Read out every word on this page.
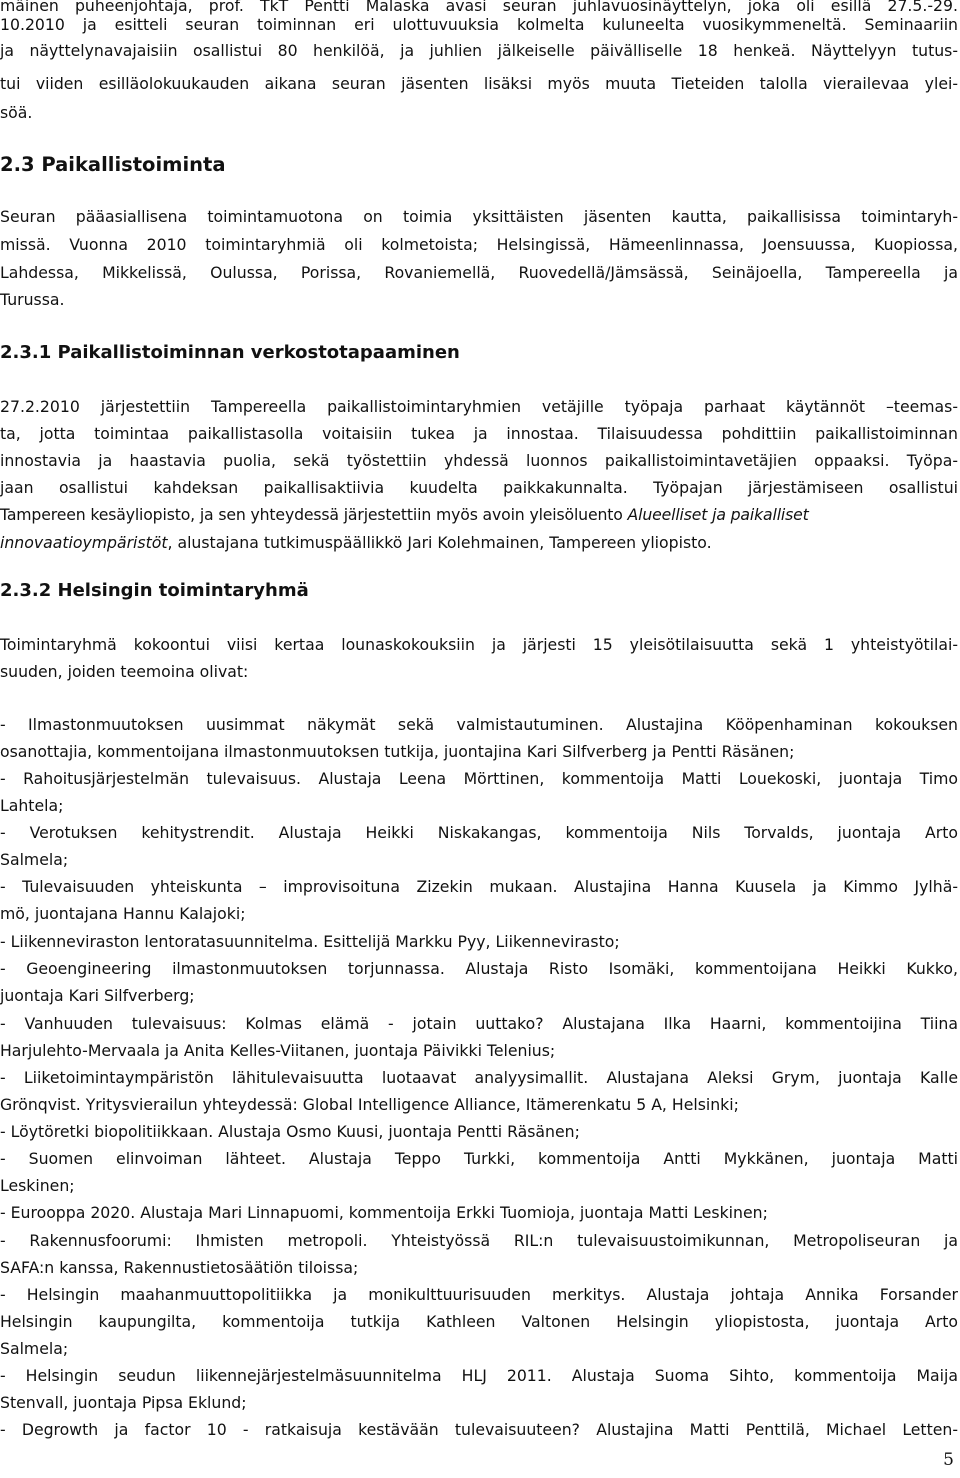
mäinen puheenjohtaja, prof. TkT Pentti Malaska avasi seuran juhlavuosinäyttelyn, joka oli esillä 27.5.-29.
10.2010 ja esitteli seuran toiminnan eri ulottuvuuksia kolmelta kuluneelta vuosikymmeneltä. Seminaariin
ja näyttelynavajaisiin osallistui 80 henkilöä, ja juhlien jälkeiselle päivälliselle 18 henkeä. Näyttelyyn tutus-
tui viiden esilläolokuukauden aikana seuran jäsenten lisäksi myös muuta Tieteiden talolla vierailevaa ylei-
söä.
2.3 Paikallistoiminta
Seuran pääasiallisena toimintamuotona on toimia yksittäisten jäsenten kautta, paikallisissa toimintaryh-
missä. Vuonna 2010 toimintaryhmiä oli kolmetoista; Helsingissä, Hämeenlinnassa, Joensuussa, Kuopiossa,
Lahdessa, Mikkelissä, Oulussa, Porissa, Rovaniemellä, Ruovedellä/Jämsässä, Seinäjoella, Tampereella ja
Turussa.
2.3.1 Paikallistoiminnan verkostotapaaminen
27.2.2010 järjestettiin Tampereella paikallistoimintaryhmien vetäjille työpaja parhaat käytännöt –teemas-
ta, jotta toimintaa paikallistasolla voitaisiin tukea ja innostaa. Tilaisuudessa pohdittiin paikallistoiminnan
innostavia ja haastavia puolia, sekä työstettiin yhdessä luonnos paikallistoimintavetäjien oppaaksi. Työpa-
jaan osallistui kahdeksan paikallisaktiivia kuudelta paikkakunnalta. Työpajan järjestämiseen osallistui
Tampereen kesäyliopisto, ja sen yhteydessä järjestettiin myös avoin yleisöluento Alueelliset ja paikalliset
innovaatioympäristöt, alustajana tutkimuspäällikkö Jari Kolehmainen, Tampereen yliopisto.
2.3.2 Helsingin toimintaryhmä
Toimintaryhmä kokoontui viisi kertaa lounaskokouksiin ja järjesti 15 yleisötilaisuutta sekä 1 yhteistyötilai-
suuden, joiden teemoina olivat:
- Ilmastonmuutoksen uusimmat näkymät sekä valmistautuminen. Alustajina Kööpenhaminan kokouksen
osanottajia, kommentoijana ilmastonmuutoksen tutkija, juontajina Kari Silfverberg ja Pentti Räsänen;
- Rahoitusjärjestelmän tulevaisuus. Alustaja Leena Mörttinen, kommentoija Matti Louekoski, juontaja Timo
Lahtela;
- Verotuksen kehitystrendit. Alustaja Heikki Niskakangas, kommentoija Nils Torvalds, juontaja Arto
Salmela;
- Tulevaisuuden yhteiskunta – improvisoituna Zizekin mukaan. Alustajina Hanna Kuusela ja Kimmo Jylhä-
mö, juontajana Hannu Kalajoki;
- Liikenneviraston lentoratasuunnitelma. Esittelijä Markku Pyy, Liikennevirasto;
- Geoengineering ilmastonmuutoksen torjunnassa. Alustaja Risto Isomäki, kommentoijana Heikki Kukko,
juontaja Kari Silfverberg;
- Vanhuuden tulevaisuus: Kolmas elämä - jotain uuttako? Alustajana Ilka Haarni, kommentoijina Tiina
Harjulehto-Mervaala ja Anita Kelles-Viitanen, juontaja Päivikki Telenius;
- Liiketoimintaympäristön lähitulevaisuutta luotaavat analyysimallit. Alustajana Aleksi Grym, juontaja Kalle
Grönqvist. Yritysvierailun yhteydessä: Global Intelligence Alliance, Itämerenkatu 5 A, Helsinki;
- Löytöretki biopolitiikkaan. Alustaja Osmo Kuusi, juontaja Pentti Räsänen;
- Suomen elinvoiman lähteet. Alustaja Teppo Turkki, kommentoija Antti Mykkänen, juontaja Matti
Leskinen;
- Eurooppa 2020. Alustaja Mari Linnapuomi, kommentoija Erkki Tuomioja, juontaja Matti Leskinen;
- Rakennusfoorumi: Ihmisten metropoli. Yhteistyössä RIL:n tulevaisuustoimikunnan, Metropoliseuran ja
SAFA:n kanssa, Rakennustietosäätiön tiloissa;
- Helsingin maahanmuuttopolitiikka ja monikulttuurisuuden merkitys. Alustaja johtaja Annika Forsander
Helsingin kaupungilta, kommentoija tutkija Kathleen Valtonen Helsingin yliopistosta, juontaja Arto
Salmela;
- Helsingin seudun liikennejärjestelmäsuunnitelma HLJ 2011. Alustaja Suoma Sihto, kommentoija Maija
Stenvall, juontaja Pipsa Eklund;
- Degrowth ja factor 10 - ratkaisuja kestävään tulevaisuuteen? Alustajina Matti Penttilä, Michael Letten-
5
